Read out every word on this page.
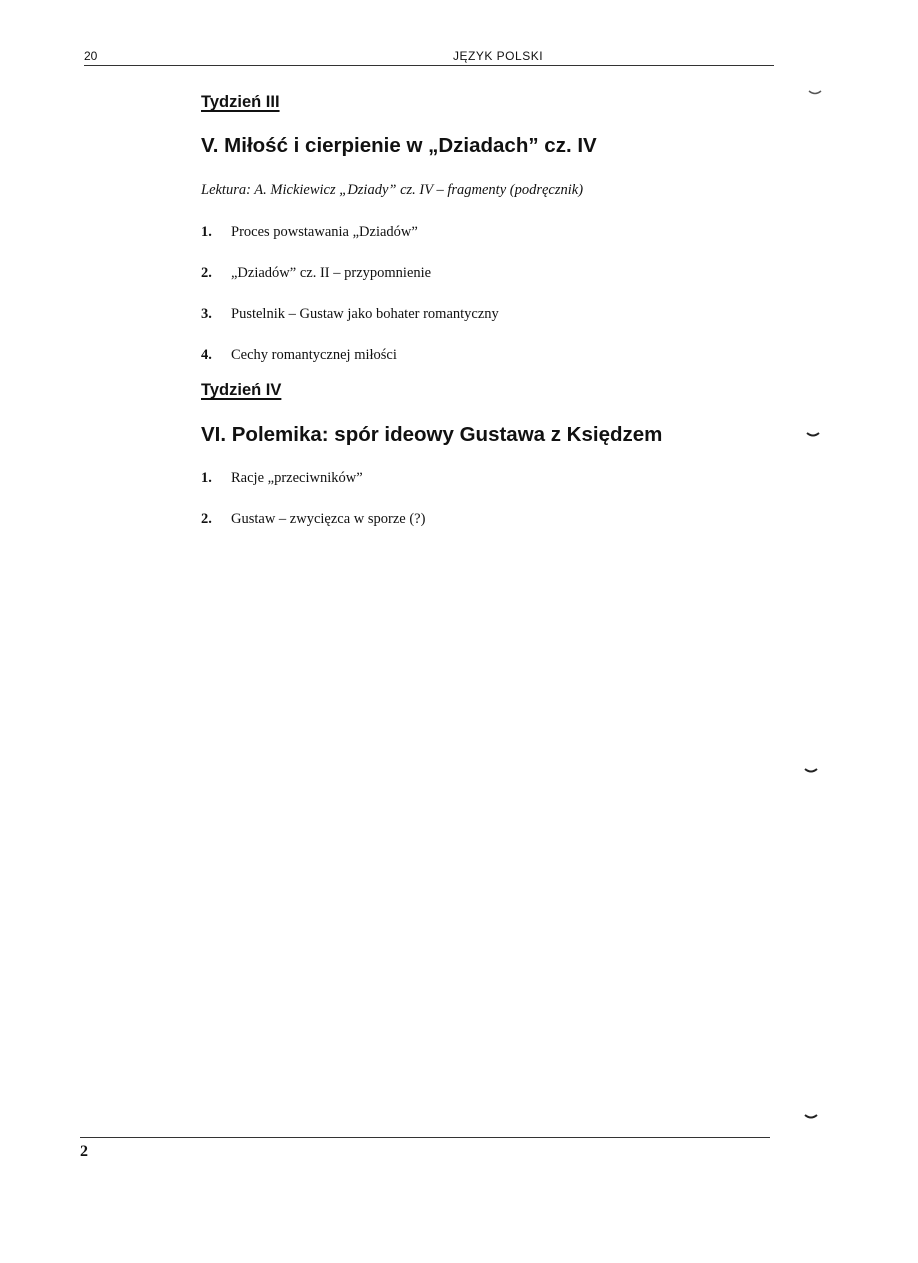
20	JĘZYK POLSKI
Tydzień III
V. Miłość i cierpienie w „Dziadach” cz. IV
Lektura: A. Mickiewicz „Dziady” cz. IV – fragmenty (podręcznik)
1. Proces powstawania „Dziadów”
2. „Dziadów” cz. II – przypomnienie
3. Pustelnik – Gustaw jako bohater romantyczny
4. Cechy romantycznej miłości
Tydzień IV
VI. Polemika: spór ideowy Gustawa z Księdzem
1. Racje „przeciwników”
2. Gustaw – zwycięzca w sporze (?)
2
